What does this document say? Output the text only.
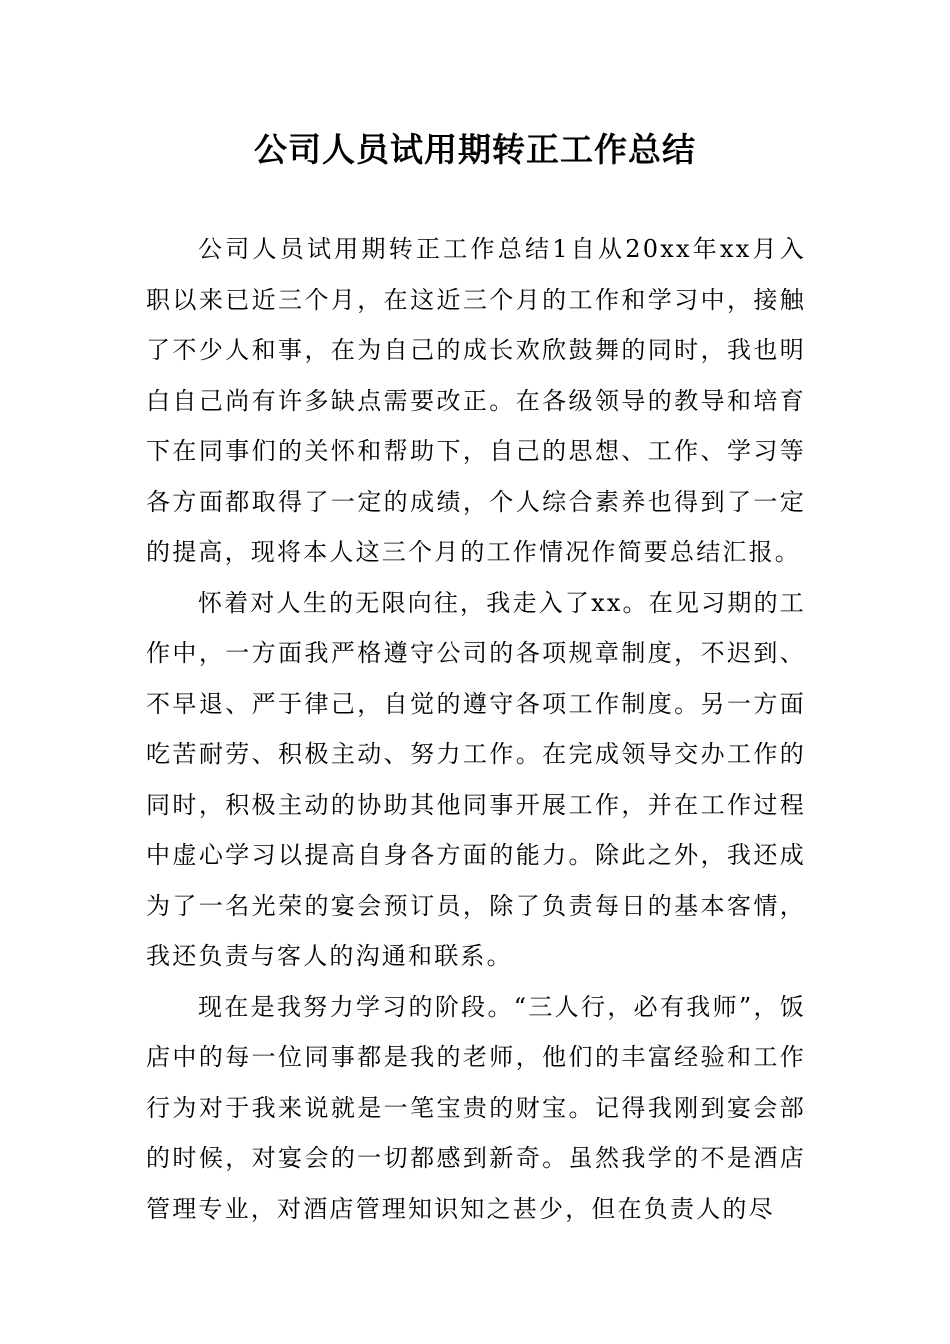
公司人员试用期转正工作总结

公司人员试用期转正工作总结1自从20xx年xx月入职以来已近三个月，在这近三个月的工作和学习中，接触了不少人和事，在为自己的成长欢欣鼓舞的同时，我也明白自己尚有许多缺点需要改正。在各级领导的教导和培育下在同事们的关怀和帮助下，自己的思想、工作、学习等各方面都取得了一定的成绩，个人综合素养也得到了一定的提高，现将本人这三个月的工作情况作简要总结汇报。

怀着对人生的无限向往，我走入了xx。在见习期的工作中，一方面我严格遵守公司的各项规章制度，不迟到、不早退、严于律己，自觉的遵守各项工作制度。另一方面吃苦耐劳、积极主动、努力工作。在完成领导交办工作的同时，积极主动的协助其他同事开展工作，并在工作过程中虚心学习以提高自身各方面的能力。除此之外，我还成为了一名光荣的宴会预订员，除了负责每日的基本客情，我还负责与客人的沟通和联系。

现在是我努力学习的阶段。“三人行，必有我师”，饭店中的每一位同事都是我的老师，他们的丰富经验和工作行为对于我来说就是一笔宝贵的财宝。记得我刚到宴会部的时候，对宴会的一切都感到新奇。虽然我学的不是酒店管理专业，对酒店管理知识知之甚少，但在负责人的尽
